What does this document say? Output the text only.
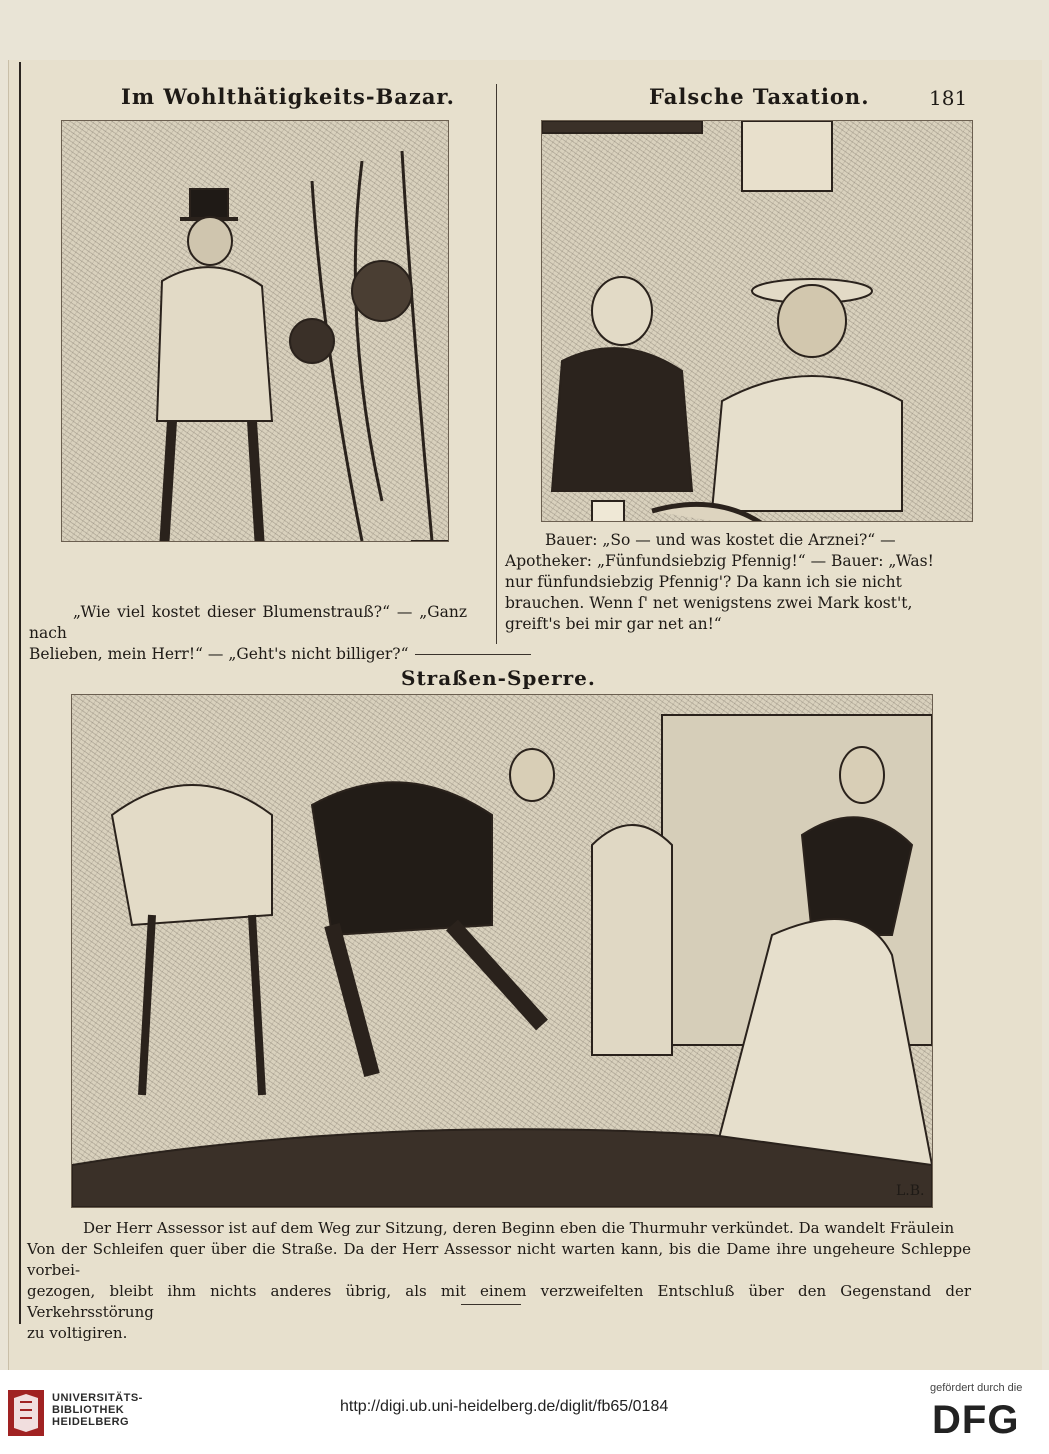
Im Wohlthätigkeits-Bazar.	Falsche Taxation.	181

„Wie viel kostet dieser Blumenstrauß?“ — „Ganz nach

Belieben, mein Herr!“ — „Geht's nicht billiger?“

Bauer: „So — und was kostet die Arznei?“ —

Apotheker: „Fünfundsiebzig Pfennig!“ — Bauer: „Was!

nur fünfundsiebzig Pfennig'? Da kann ich sie nicht

brauchen. Wenn ſ' net wenigstens zwei Mark kost't,

greift's bei mir gar net an!“

Straßen-Sperre.
L.B.

Der Herr Assessor ist auf dem Weg zur Sitzung, deren Beginn eben die Thurmuhr verkündet. Da wandelt Fräulein

Von der Schleifen quer über die Straße. Da der Herr Assessor nicht warten kann, bis die Dame ihre ungeheure Schleppe vorbei-

gezogen, bleibt ihm nichts anderes übrig, als mit einem verzweifelten Entschluß über den Gegenstand der Verkehrsstörung

zu voltigiren.

UNIVERSITÄTS-
BIBLIOTHEK
HEIDELBERG
http://digi.ub.uni-heidelberg.de/diglit/fb65/0184
gefördert durch die
DFG
